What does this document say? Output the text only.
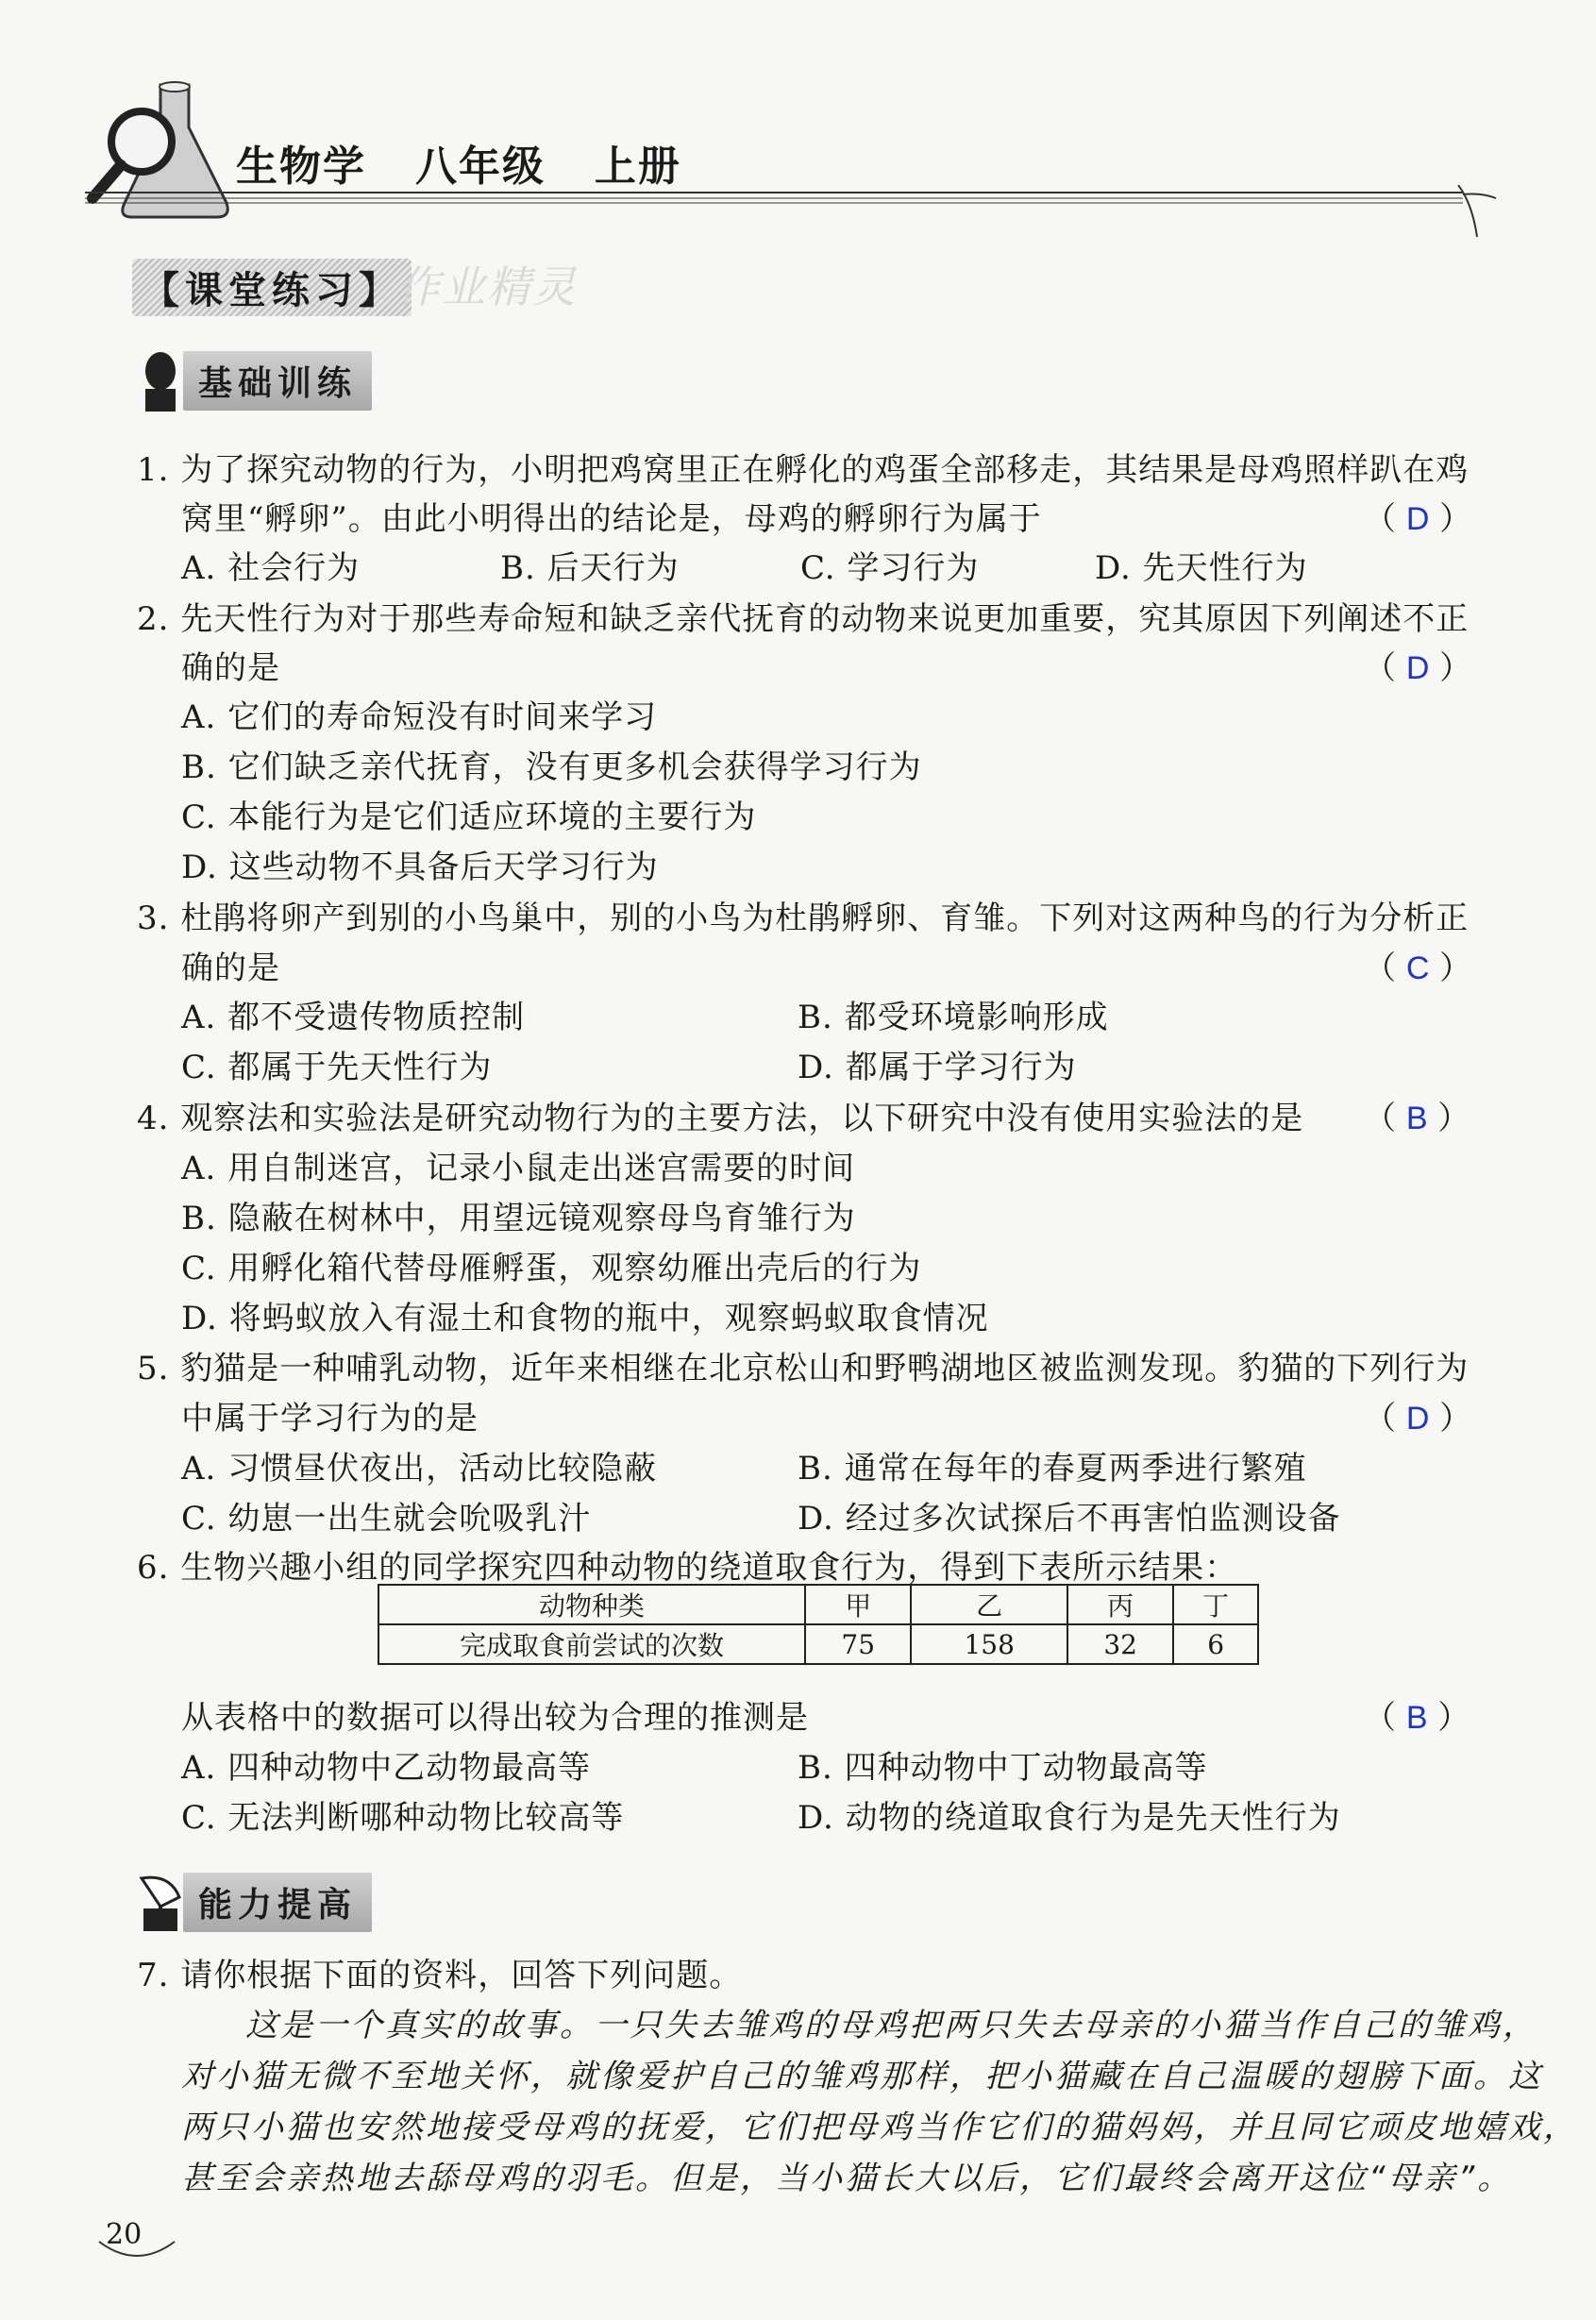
生物学   八年级   上册
【课堂练习】
作业精灵
基础训练
1. 为了探究动物的行为，小明把鸡窝里正在孵化的鸡蛋全部移走，其结果是母鸡照样趴在鸡
窝里“孵卵”。由此小明得出的结论是，母鸡的孵卵行为属于	（ D ）
A. 社会行为	B. 后天行为	C. 学习行为	D. 先天性行为
2. 先天性行为对于那些寿命短和缺乏亲代抚育的动物来说更加重要，究其原因下列阐述不正
确的是	（ D ）
A. 它们的寿命短没有时间来学习
B. 它们缺乏亲代抚育，没有更多机会获得学习行为
C. 本能行为是它们适应环境的主要行为
D. 这些动物不具备后天学习行为
3. 杜鹃将卵产到别的小鸟巢中，别的小鸟为杜鹃孵卵、育雏。下列对这两种鸟的行为分析正
确的是	（ C ）
A. 都不受遗传物质控制	B. 都受环境影响形成
C. 都属于先天性行为	D. 都属于学习行为
4. 观察法和实验法是研究动物行为的主要方法，以下研究中没有使用实验法的是 （ B ）
A. 用自制迷宫，记录小鼠走出迷宫需要的时间
B. 隐蔽在树林中，用望远镜观察母鸟育雏行为
C. 用孵化箱代替母雁孵蛋，观察幼雁出壳后的行为
D. 将蚂蚁放入有湿土和食物的瓶中，观察蚂蚁取食情况
5. 豹猫是一种哺乳动物，近年来相继在北京松山和野鸭湖地区被监测发现。豹猫的下列行为
中属于学习行为的是	（ D ）
A. 习惯昼伏夜出，活动比较隐蔽	B. 通常在每年的春夏两季进行繁殖
C. 幼崽一出生就会吮吸乳汁	D. 经过多次试探后不再害怕监测设备
6. 生物兴趣小组的同学探究四种动物的绕道取食行为，得到下表所示结果：
动物种类	甲	乙	丙	丁
完成取食前尝试的次数	75	158	32	6
从表格中的数据可以得出较为合理的推测是	（ B ）
A. 四种动物中乙动物最高等	B. 四种动物中丁动物最高等
C. 无法判断哪种动物比较高等	D. 动物的绕道取食行为是先天性行为
能力提高
7. 请你根据下面的资料，回答下列问题。
这是一个真实的故事。一只失去雏鸡的母鸡把两只失去母亲的小猫当作自己的雏鸡，
对小猫无微不至地关怀，就像爱护自己的雏鸡那样，把小猫藏在自己温暖的翅膀下面。这
两只小猫也安然地接受母鸡的抚爱，它们把母鸡当作它们的猫妈妈，并且同它顽皮地嬉戏，
甚至会亲热地去舔母鸡的羽毛。但是，当小猫长大以后，它们最终会离开这位“母亲”。
20
